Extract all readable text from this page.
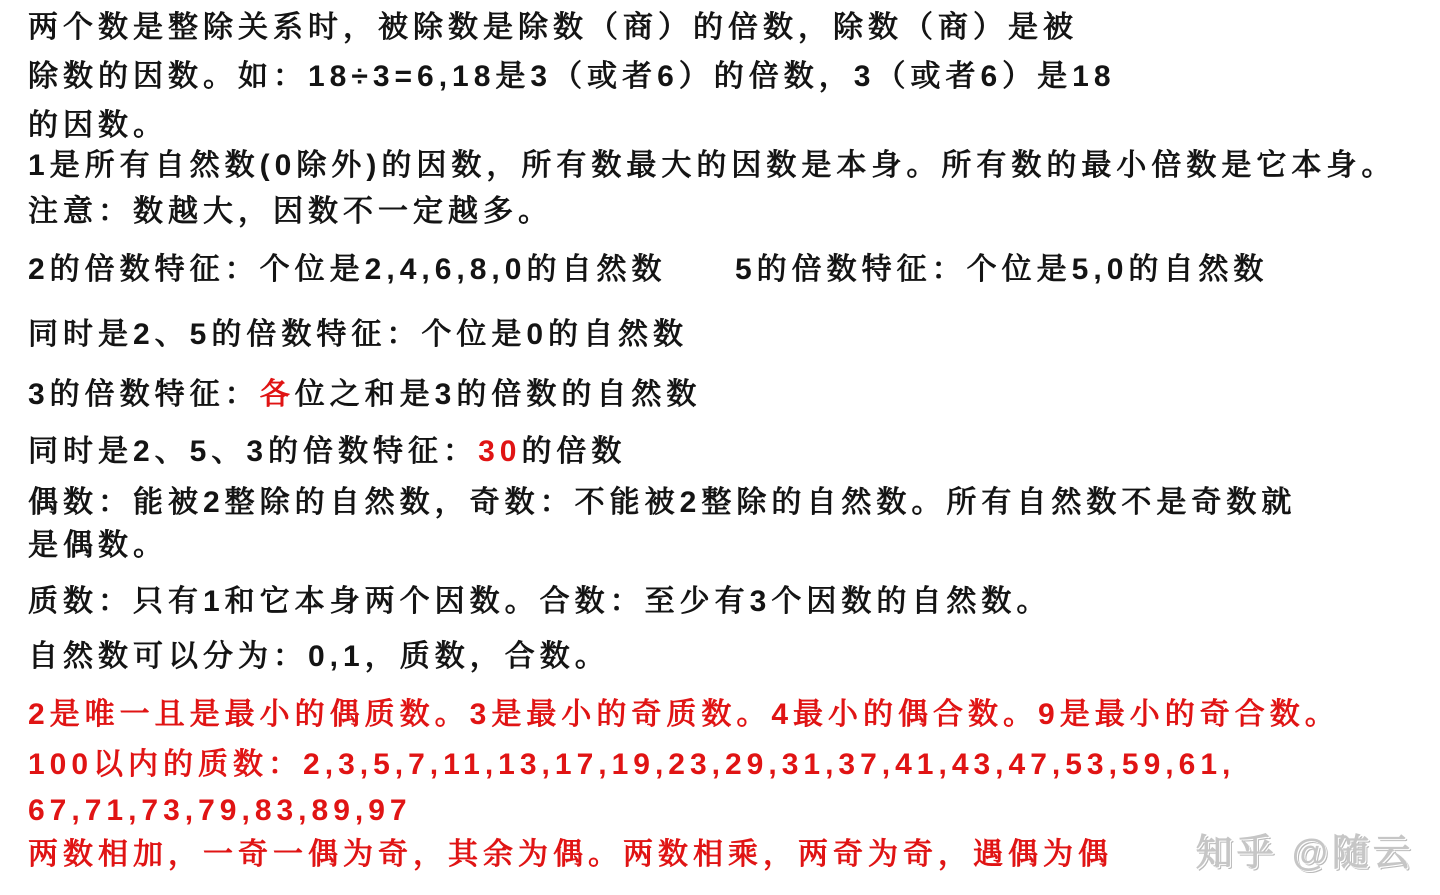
两个数是整除关系时，被除数是除数（商）的倍数，除数（商）是被
除数的因数。如：18÷3=6,18是3（或者6）的倍数，3（或者6）是18
的因数。
1是所有自然数(0除外)的因数，所有数最大的因数是本身。所有数的最小倍数是它本身。
注意：数越大，因数不一定越多。
2的倍数特征：个位是2,4,6,8,0的自然数 5的倍数特征：个位是5,0的自然数
同时是2、5的倍数特征：个位是0的自然数
3的倍数特征：各位之和是3的倍数的自然数
同时是2、5、3的倍数特征：30的倍数
偶数：能被2整除的自然数，奇数：不能被2整除的自然数。所有自然数不是奇数就
是偶数。
质数：只有1和它本身两个因数。合数：至少有3个因数的自然数。
自然数可以分为：0,1，质数，合数。
2是唯一且是最小的偶质数。3是最小的奇质数。4最小的偶合数。9是最小的奇合数。
100以内的质数：2,3,5,7,11,13,17,19,23,29,31,37,41,43,47,53,59,61,
67,71,73,79,83,89,97
两数相加，一奇一偶为奇，其余为偶。两数相乘，两奇为奇，遇偶为偶 知乎 @随云
